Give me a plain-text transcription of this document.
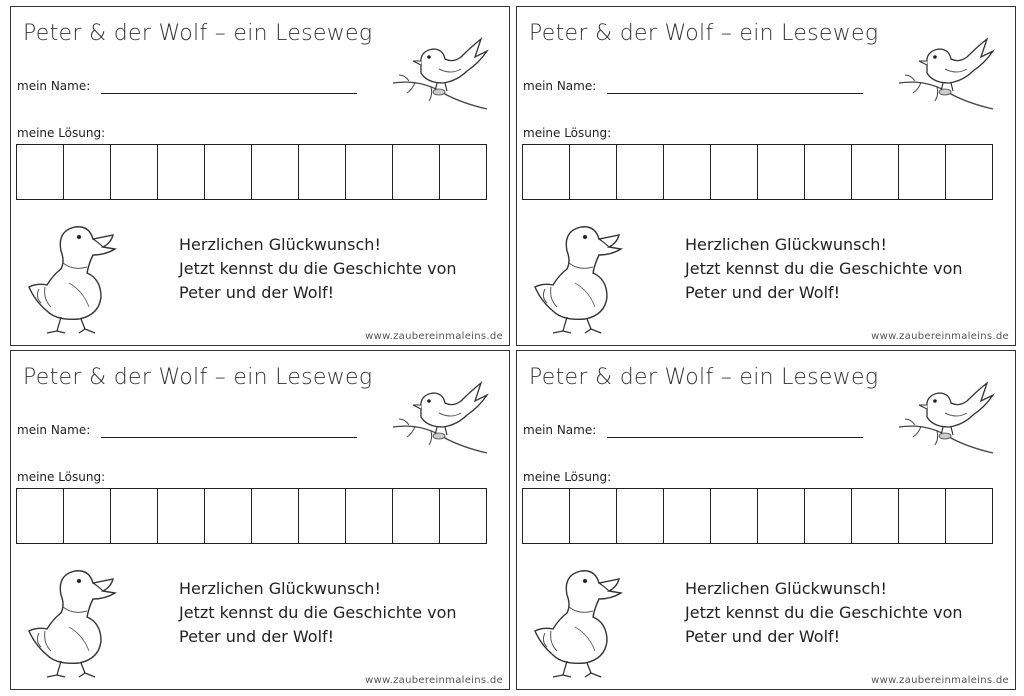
Peter & der Wolf – ein Leseweg
mein Name:
meine Lösung:
Herzlichen Glückwunsch!
Jetzt kennst du die Geschichte von
Peter und der Wolf!
www.zaubereinmaleins.de
Peter & der Wolf – ein Leseweg
mein Name:
meine Lösung:
Herzlichen Glückwunsch!
Jetzt kennst du die Geschichte von
Peter und der Wolf!
www.zaubereinmaleins.de
Peter & der Wolf – ein Leseweg
mein Name:
meine Lösung:
Herzlichen Glückwunsch!
Jetzt kennst du die Geschichte von
Peter und der Wolf!
www.zaubereinmaleins.de
Peter & der Wolf – ein Leseweg
mein Name:
meine Lösung:
Herzlichen Glückwunsch!
Jetzt kennst du die Geschichte von
Peter und der Wolf!
www.zaubereinmaleins.de
